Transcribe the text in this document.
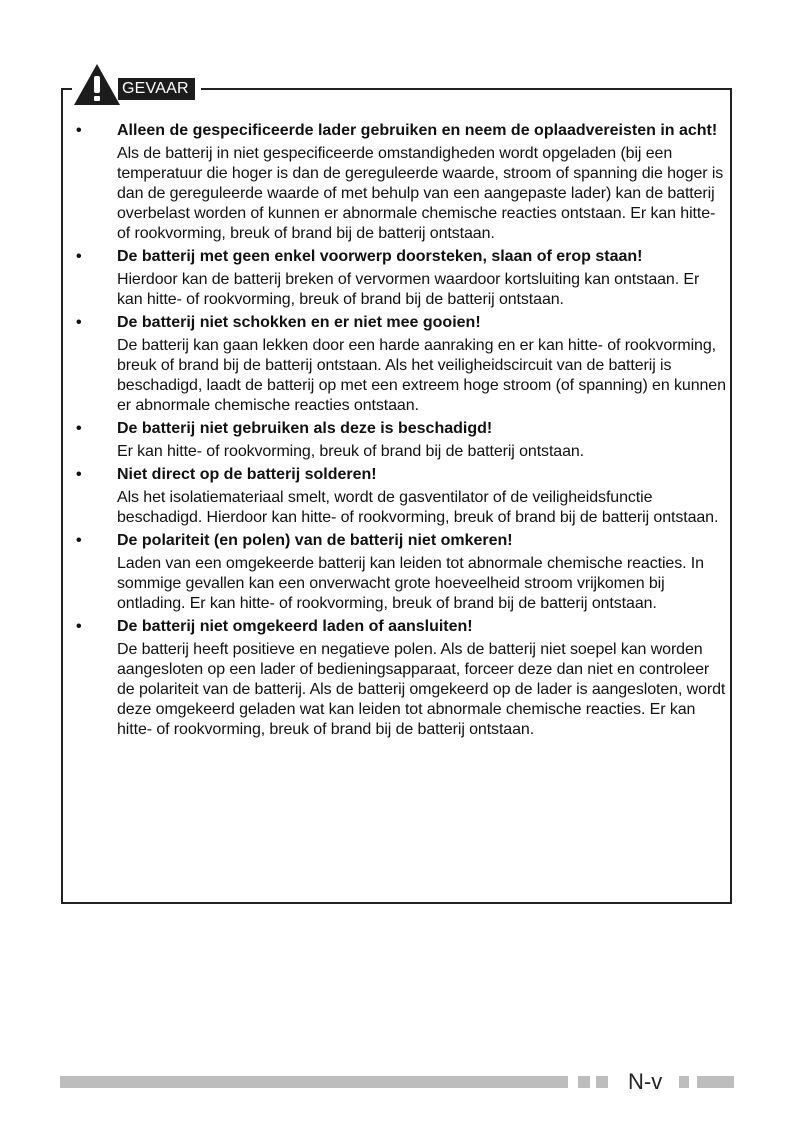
GEVAAR
• Alleen de gespecificeerde lader gebruiken en neem de oplaadvereisten in acht!

Als de batterij in niet gespecificeerde omstandigheden wordt opgeladen (bij een temperatuur die hoger is dan de gereguleerde waarde, stroom of spanning die hoger is dan de gereguleerde waarde of met behulp van een aangepaste lader) kan de batterij overbelast worden of kunnen er abnormale chemische reacties ontstaan. Er kan hitte- of rookvorming, breuk of brand bij de batterij ontstaan.

• De batterij met geen enkel voorwerp doorsteken, slaan of erop staan!

Hierdoor kan de batterij breken of vervormen waardoor kortsluiting kan ontstaan. Er kan hitte- of rookvorming, breuk of brand bij de batterij ontstaan.

• De batterij niet schokken en er niet mee gooien!

De batterij kan gaan lekken door een harde aanraking en er kan hitte- of rookvorming, breuk of brand bij de batterij ontstaan. Als het veiligheidscircuit van de batterij is beschadigd, laadt de batterij op met een extreem hoge stroom (of spanning) en kunnen er abnormale chemische reacties ontstaan.

• De batterij niet gebruiken als deze is beschadigd!

Er kan hitte- of rookvorming, breuk of brand bij de batterij ontstaan.

• Niet direct op de batterij solderen!

Als het isolatiemateriaal smelt, wordt de gasventilator of de veiligheidsfunctie beschadigd. Hierdoor kan hitte- of rookvorming, breuk of brand bij de batterij ontstaan.

• De polariteit (en polen) van de batterij niet omkeren!

Laden van een omgekeerde batterij kan leiden tot abnormale chemische reacties. In sommige gevallen kan een onverwacht grote hoeveelheid stroom vrijkomen bij ontlading. Er kan hitte- of rookvorming, breuk of brand bij de batterij ontstaan.

• De batterij niet omgekeerd laden of aansluiten!

De batterij heeft positieve en negatieve polen. Als de batterij niet soepel kan worden aangesloten op een lader of bedieningsapparaat, forceer deze dan niet en controleer de polariteit van de batterij. Als de batterij omgekeerd op de lader is aangesloten, wordt deze omgekeerd geladen wat kan leiden tot abnormale chemische reacties. Er kan hitte- of rookvorming, breuk of brand bij de batterij ontstaan.

N-v
